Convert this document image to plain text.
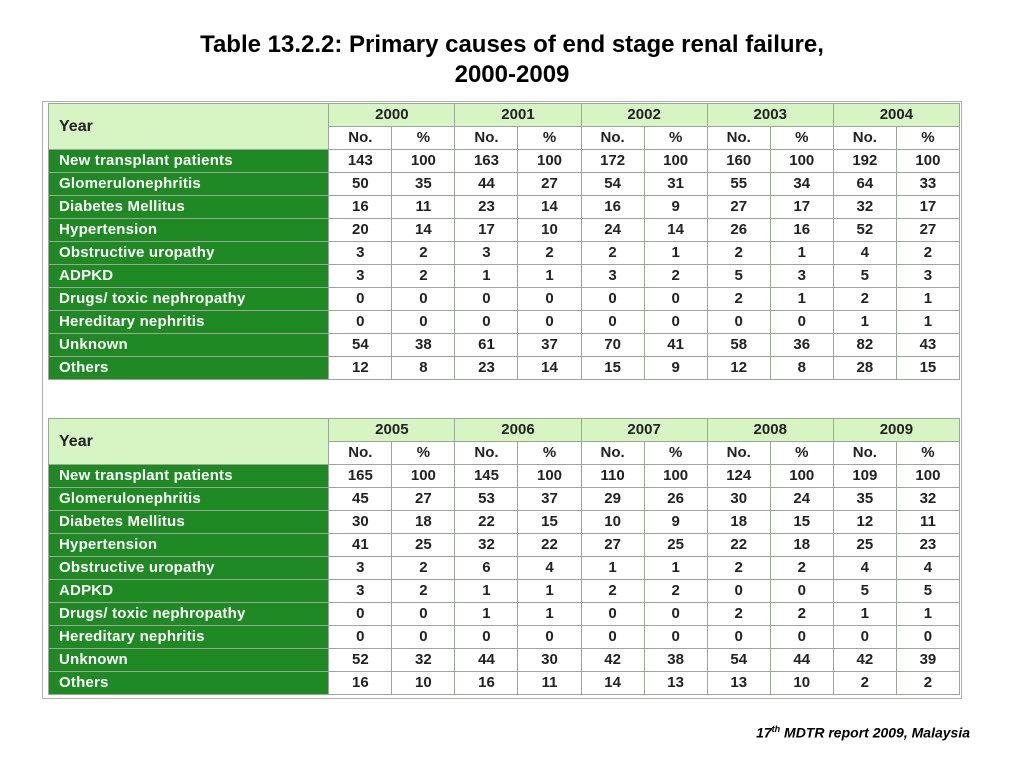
Table 13.2.2: Primary causes of end stage renal failure,
2000-2009
Year	2000		2001		2002		2003		2004	
	No.	%	No.	%	No.	%	No.	%	No.	%
New transplant patients	143	100	163	100	172	100	160	100	192	100
Glomerulonephritis	50	35	44	27	54	31	55	34	64	33
Diabetes Mellitus	16	11	23	14	16	9	27	17	32	17
Hypertension	20	14	17	10	24	14	26	16	52	27
Obstructive uropathy	3	2	3	2	2	1	2	1	4	2
ADPKD	3	2	1	1	3	2	5	3	5	3
Drugs/ toxic nephropathy	0	0	0	0	0	0	2	1	2	1
Hereditary nephritis	0	0	0	0	0	0	0	0	1	1
Unknown	54	38	61	37	70	41	58	36	82	43
Others	12	8	23	14	15	9	12	8	28	15
Year	2005		2006		2007		2008		2009	
	No.	%	No.	%	No.	%	No.	%	No.	%
New transplant patients	165	100	145	100	110	100	124	100	109	100
Glomerulonephritis	45	27	53	37	29	26	30	24	35	32
Diabetes Mellitus	30	18	22	15	10	9	18	15	12	11
Hypertension	41	25	32	22	27	25	22	18	25	23
Obstructive uropathy	3	2	6	4	1	1	2	2	4	4
ADPKD	3	2	1	1	2	2	0	0	5	5
Drugs/ toxic nephropathy	0	0	1	1	0	0	2	2	1	1
Hereditary nephritis	0	0	0	0	0	0	0	0	0	0
Unknown	52	32	44	30	42	38	54	44	42	39
Others	16	10	16	11	14	13	13	10	2	2
17th MDTR report 2009, Malaysia
